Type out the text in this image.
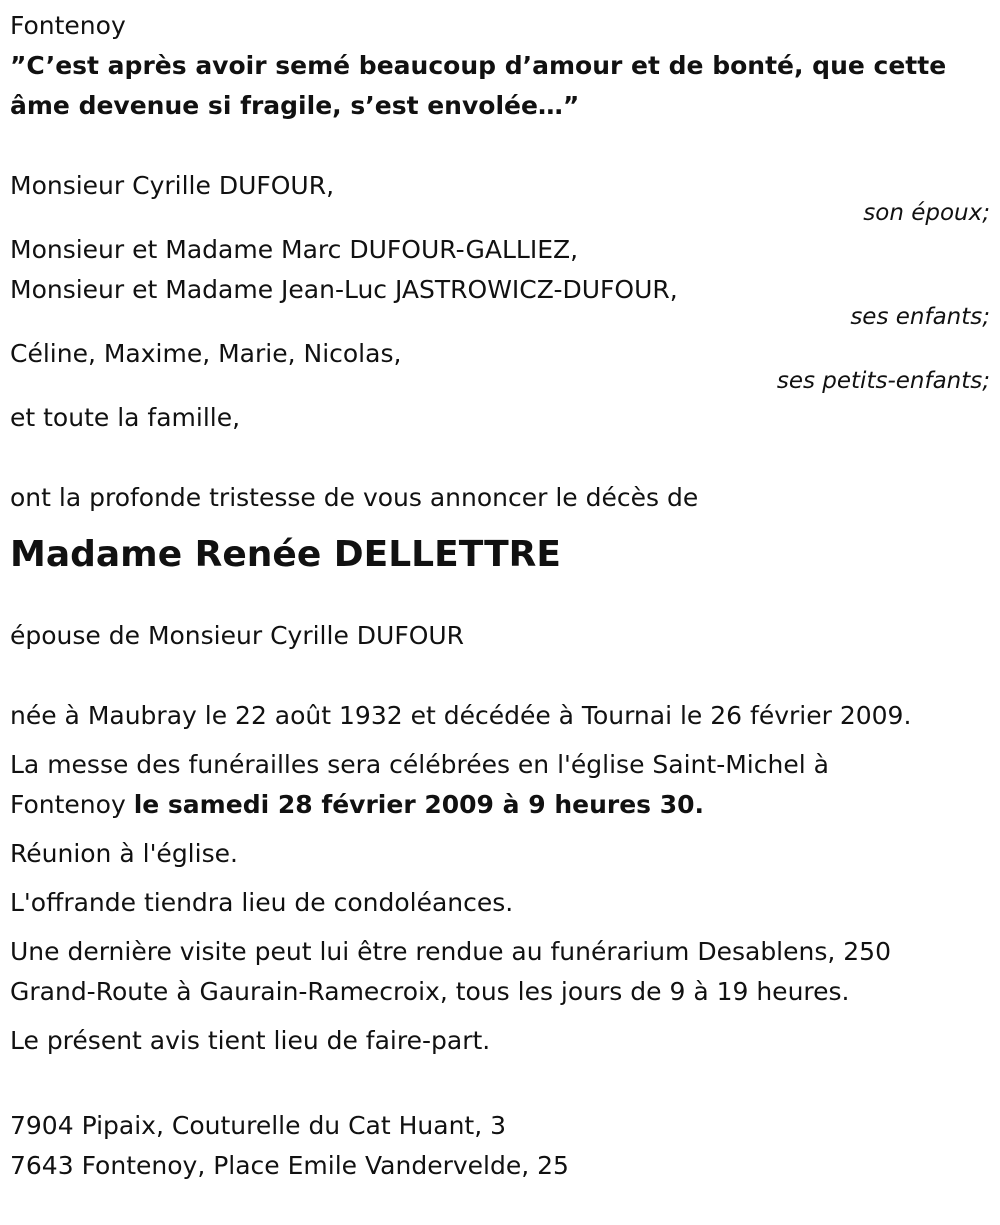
Fontenoy
”C’est après avoir semé beaucoup d’amour et de bonté, que cette
âme devenue si fragile, s’est envolée…”
Monsieur Cyrille DUFOUR,
son époux;
Monsieur et Madame Marc DUFOUR-GALLIEZ,
Monsieur et Madame Jean-Luc JASTROWICZ-DUFOUR,
ses enfants;
Céline, Maxime, Marie, Nicolas,
ses petits-enfants;
et toute la famille,
ont la profonde tristesse de vous annoncer le décès de
Madame Renée DELLETTRE
épouse de Monsieur Cyrille DUFOUR
née à Maubray le 22 août 1932 et décédée à Tournai le 26 février 2009.
La messe des funérailles sera célébrées en l'église Saint-Michel à
Fontenoy le samedi 28 février 2009 à 9 heures 30.
Réunion à l'église.
L'offrande tiendra lieu de condoléances.
Une dernière visite peut lui être rendue au funérarium Desablens, 250
Grand-Route à Gaurain-Ramecroix, tous les jours de 9 à 19 heures.
Le présent avis tient lieu de faire-part.
7904 Pipaix, Couturelle du Cat Huant, 3
7643 Fontenoy, Place Emile Vandervelde, 25
